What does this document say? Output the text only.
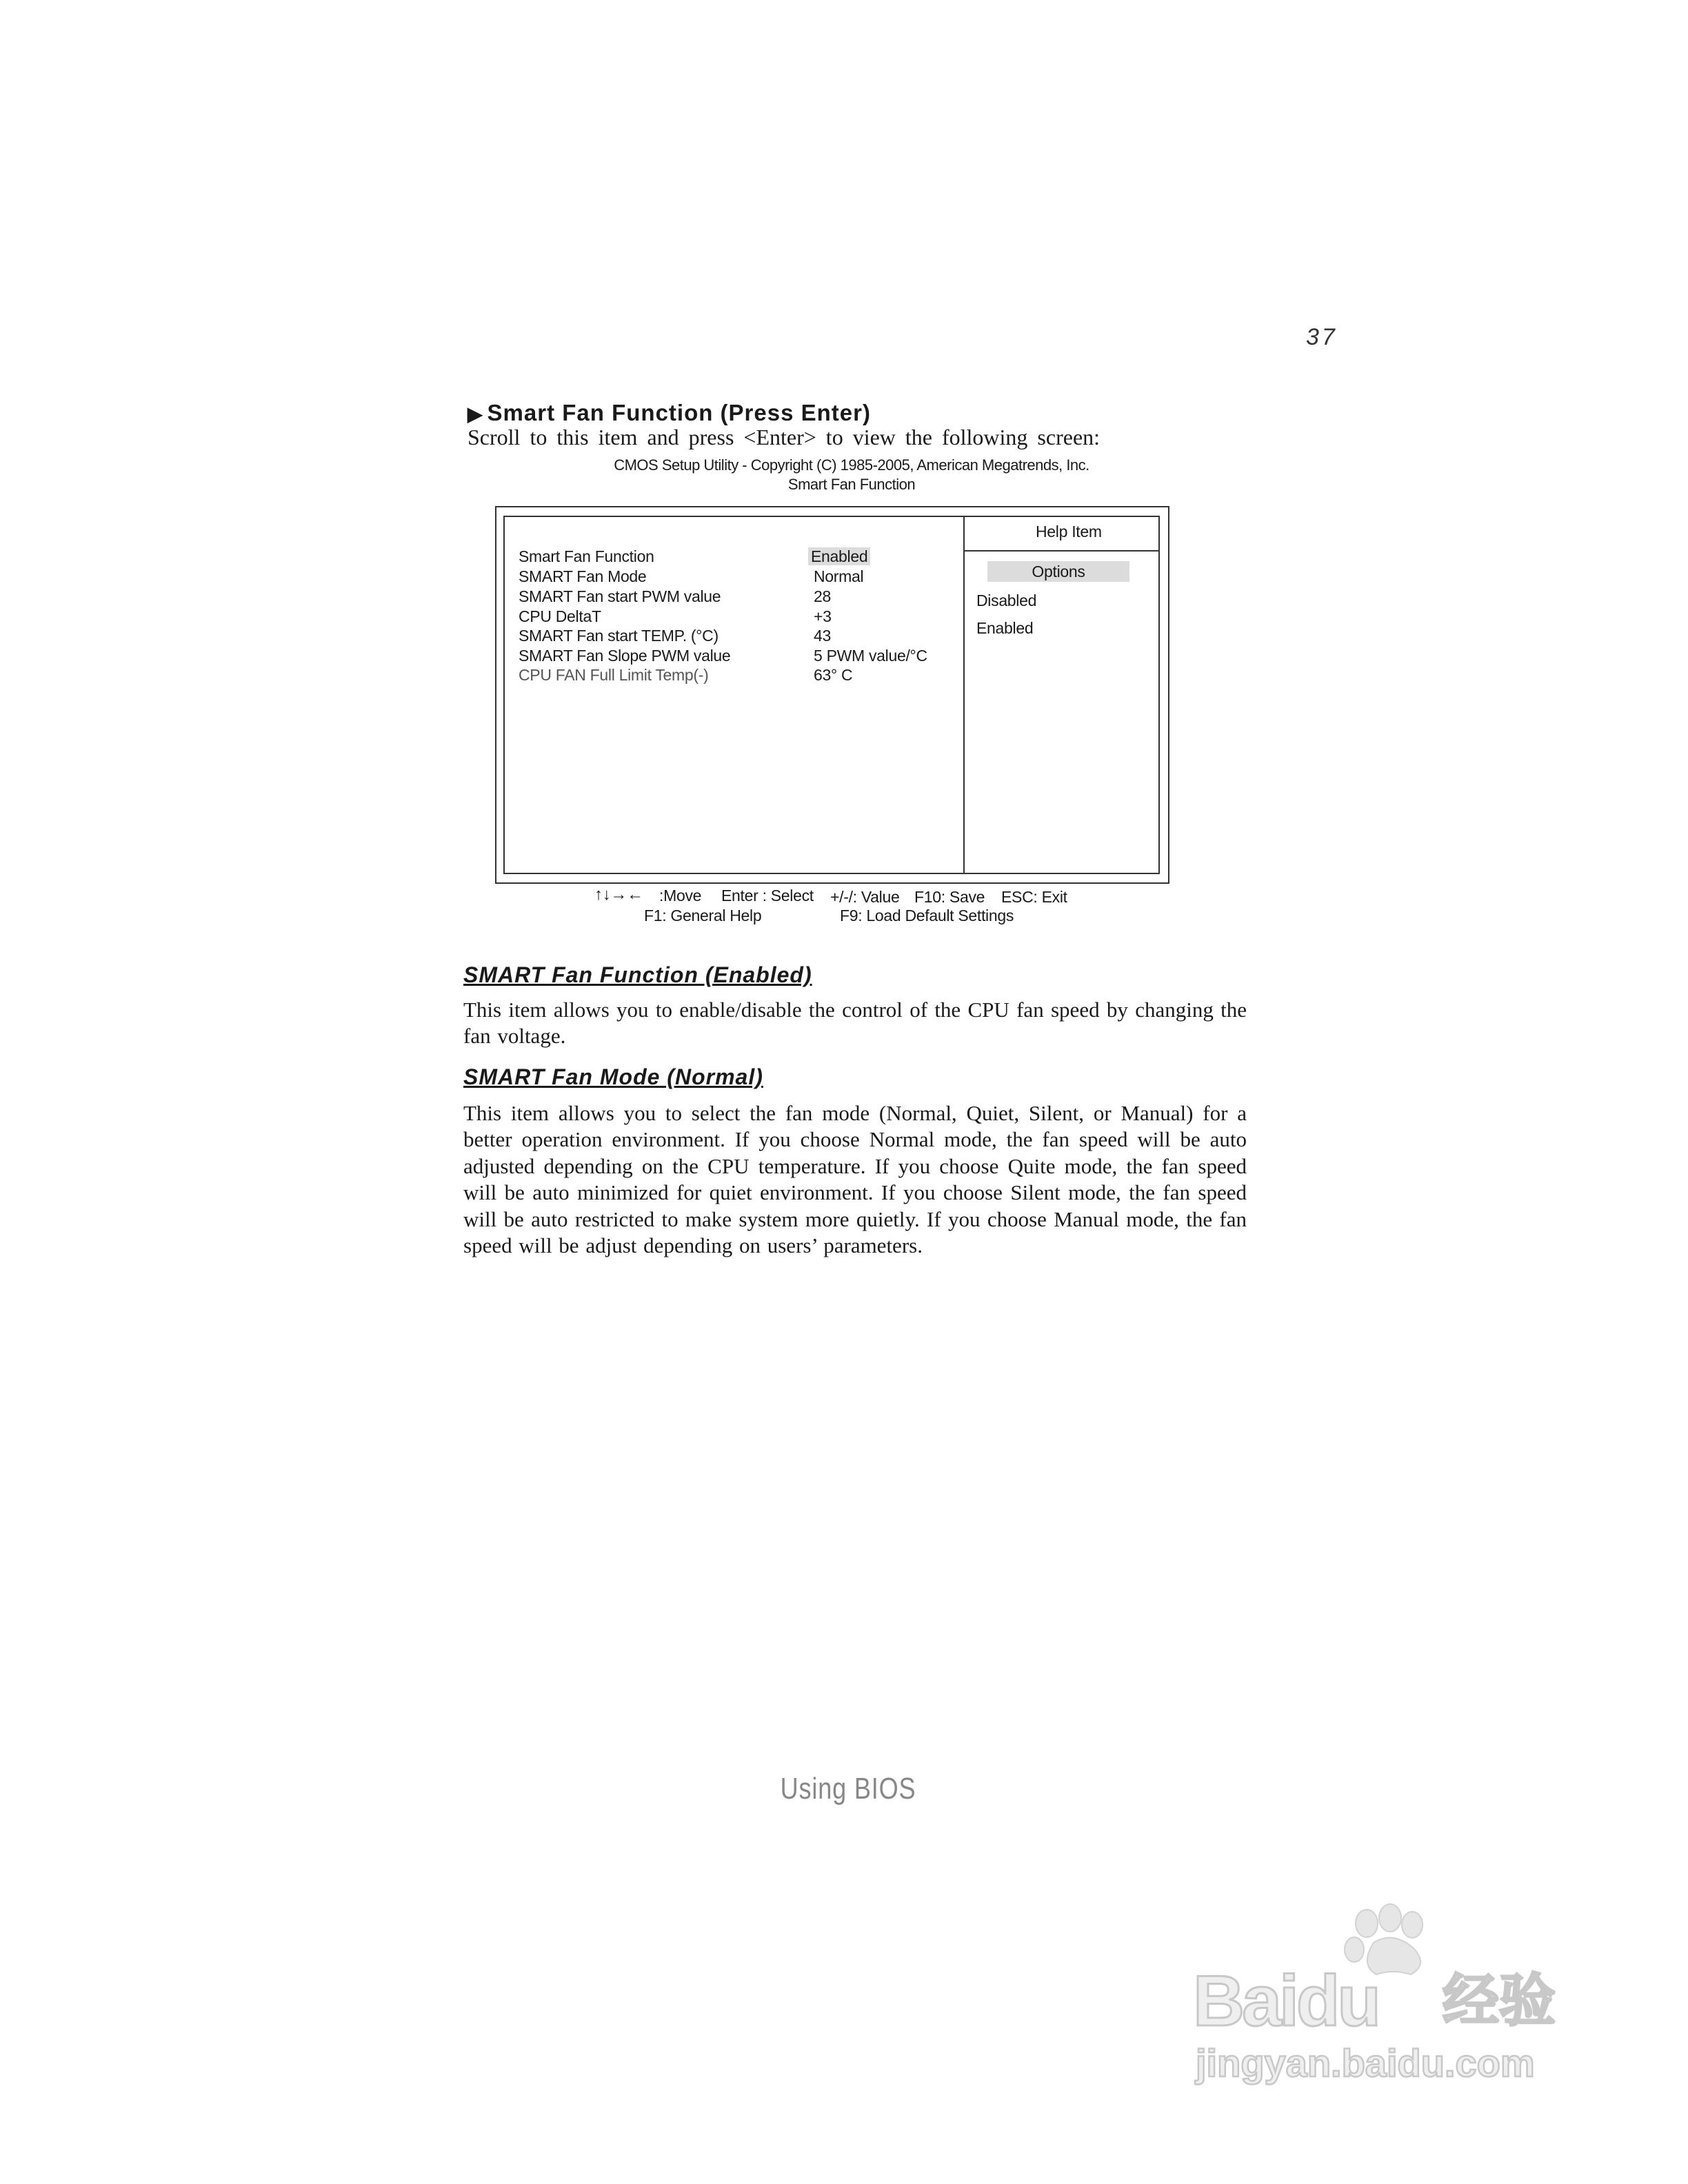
37
▶ Smart Fan Function (Press Enter)
Scroll to this item and press <Enter> to view the following screen:
CMOS Setup Utility - Copyright (C) 1985-2005, American Megatrends, Inc.
Smart Fan Function
Smart Fan Function
SMART Fan Mode
SMART Fan start PWM value
CPU DeltaT
SMART Fan start TEMP. (°C)
SMART Fan Slope PWM value
CPU FAN Full Limit Temp(-)
Enabled
Normal
28
+3
43
5 PWM value/°C
63° C
Help Item
Options
Disabled
Enabled
↑↓→← :Move Enter : Select +/-/: Value F10: Save ESC: Exit
F1: General Help	F9: Load Default Settings
SMART Fan Function (Enabled)
This item allows you to enable/disable the control of the CPU fan speed by changing the fan voltage.
SMART Fan Mode (Normal)
This item allows you to select the fan mode (Normal, Quiet, Silent, or Manual) for a better operation environment. If you choose Normal mode, the fan speed will be auto adjusted depending on the CPU temperature. If you choose Quite mode, the fan speed will be auto minimized for quiet environment. If you choose Silent mode, the fan speed will be auto restricted to make system more quietly. If you choose Manual mode, the fan speed will be adjust depending on users’ parameters.
Using BIOS
Baidu 经验
jingyan.baidu.com
